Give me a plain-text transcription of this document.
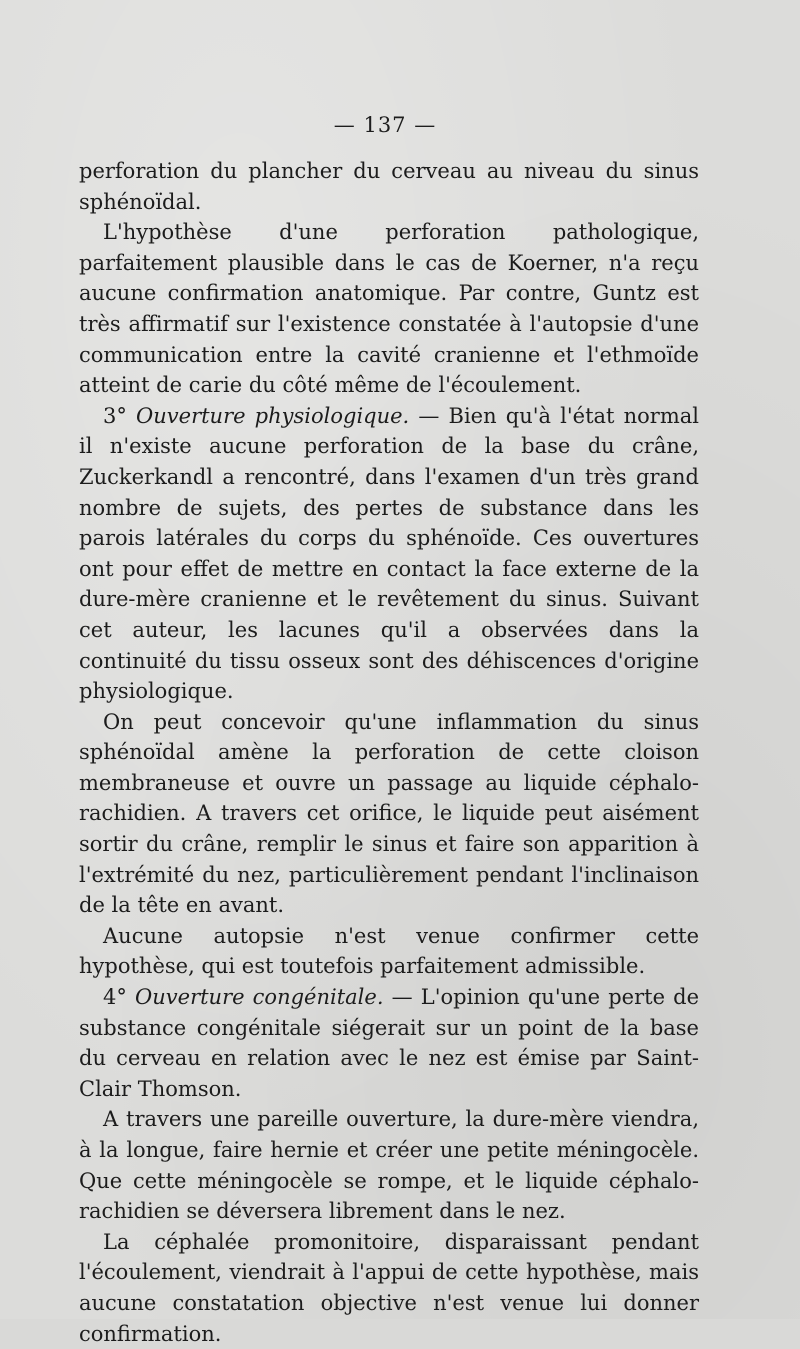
— 137 —

perforation du plancher du cerveau au niveau du sinus sphénoïdal.

L'hypothèse d'une perforation pathologique, parfaitement plausible dans le cas de Koerner, n'a reçu aucune confirmation anatomique. Par contre, Guntz est très affirmatif sur l'existence constatée à l'autopsie d'une communication entre la cavité cranienne et l'ethmoïde atteint de carie du côté même de l'écoulement.

3° Ouverture physiologique. — Bien qu'à l'état normal il n'existe aucune perforation de la base du crâne, Zuckerkandl a rencontré, dans l'examen d'un très grand nombre de sujets, des pertes de substance dans les parois latérales du corps du sphénoïde. Ces ouvertures ont pour effet de mettre en contact la face externe de la dure-mère cranienne et le revêtement du sinus. Suivant cet auteur, les lacunes qu'il a observées dans la continuité du tissu osseux sont des déhiscences d'origine physiologique.

On peut concevoir qu'une inflammation du sinus sphénoïdal amène la perforation de cette cloison membraneuse et ouvre un passage au liquide céphalo-rachidien. A travers cet orifice, le liquide peut aisément sortir du crâne, remplir le sinus et faire son apparition à l'extrémité du nez, particulièrement pendant l'inclinaison de la tête en avant.

Aucune autopsie n'est venue confirmer cette hypothèse, qui est toutefois parfaitement admissible.

4° Ouverture congénitale. — L'opinion qu'une perte de substance congénitale siégerait sur un point de la base du cerveau en relation avec le nez est émise par Saint-Clair Thomson.

A travers une pareille ouverture, la dure-mère viendra, à la longue, faire hernie et créer une petite méningocèle. Que cette méningocèle se rompe, et le liquide céphalo-rachidien se déversera librement dans le nez.

La céphalée promonitoire, disparaissant pendant l'écoulement, viendrait à l'appui de cette hypothèse, mais aucune constatation objective n'est venue lui donner confirmation.
